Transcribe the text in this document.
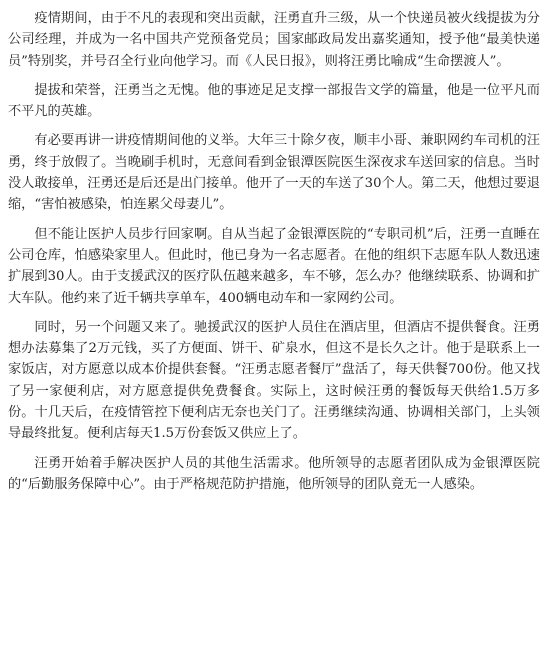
疫情期间，由于不凡的表现和突出贡献，汪勇直升三级，从一个快递员被火线提拔为分公司经理，并成为一名中国共产党预备党员；国家邮政局发出嘉奖通知，授予他“最美快递员”特别奖，并号召全行业向他学习。而《人民日报》，则将汪勇比喻成“生命摆渡人”。

提拔和荣誉，汪勇当之无愧。他的事迹足足支撑一部报告文学的篇量，他是一位平凡而不平凡的英雄。

有必要再讲一讲疫情期间他的义举。大年三十除夕夜，顺丰小哥、兼职网约车司机的汪勇，终于放假了。当晚刷手机时，无意间看到金银潭医院医生深夜求车送回家的信息。当时没人敢接单，汪勇还是后还是出门接单。他开了一天的车送了30个人。第二天，他想过要退缩，“害怕被感染，怕连累父母妻儿”。

但不能让医护人员步行回家啊。自从当起了金银潭医院的“专职司机”后，汪勇一直睡在公司仓库，怕感染家里人。但此时，他已身为一名志愿者。在他的组织下志愿车队人数迅速扩展到30人。由于支援武汉的医疗队伍越来越多，车不够，怎么办？他继续联系、协调和扩大车队。他约来了近千辆共享单车，400辆电动车和一家网约公司。

同时，另一个问题又来了。驰援武汉的医护人员住在酒店里，但酒店不提供餐食。汪勇想办法募集了2万元钱，买了方便面、饼干、矿泉水，但这不是长久之计。他于是联系上一家饭店，对方愿意以成本价提供套餐。“汪勇志愿者餐厅”盘活了，每天供餐700份。他又找了另一家便利店，对方愿意提供免费餐食。实际上，这时候汪勇的餐饭每天供给1.5万多份。十几天后，在疫情管控下便利店无奈也关门了。汪勇继续沟通、协调相关部门，上头领导最终批复。便利店每天1.5万份套饭又供应上了。

汪勇开始着手解决医护人员的其他生活需求。他所领导的志愿者团队成为金银潭医院的“后勤服务保障中心”。由于严格规范防护措施，他所领导的团队竟无一人感染。
